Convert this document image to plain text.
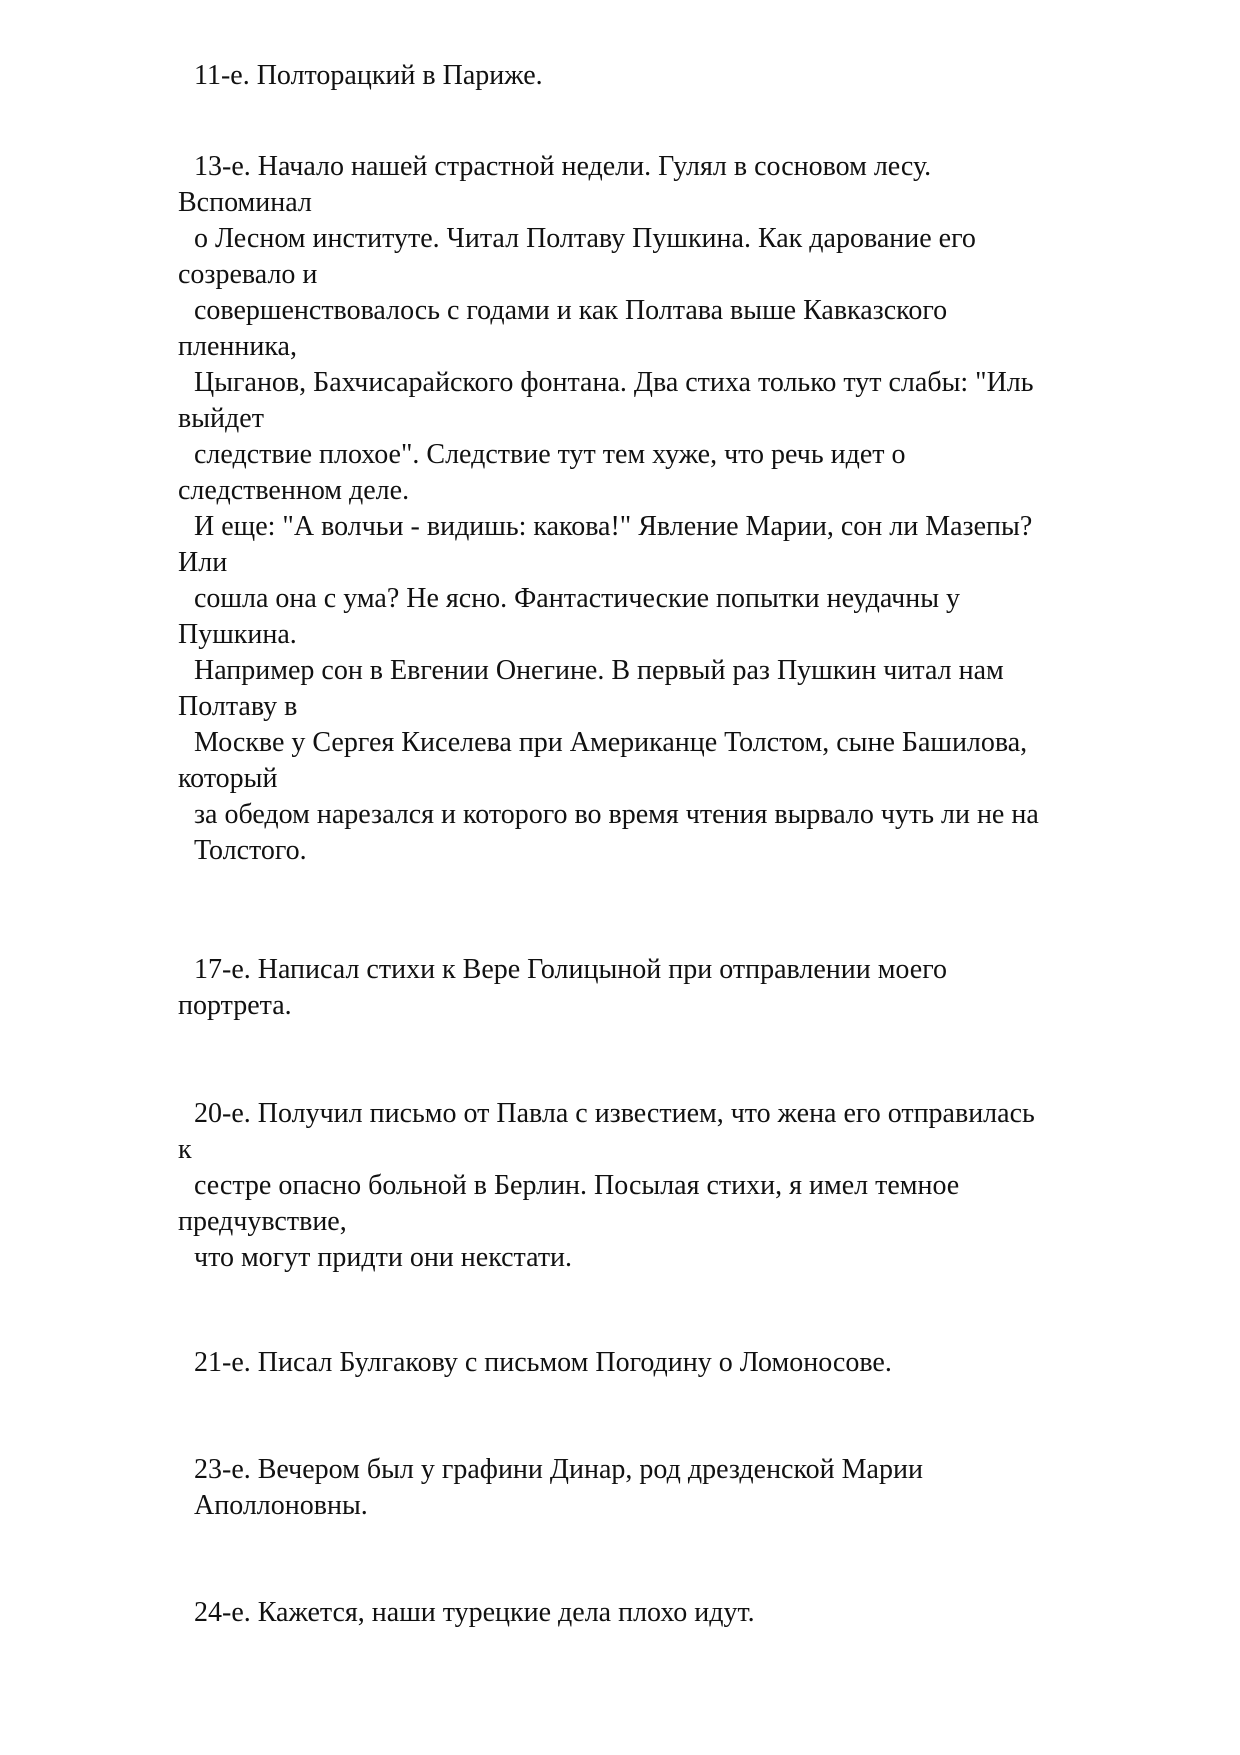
11-е. Полторацкий в Париже.
13-е. Начало нашей страстной недели. Гулял в сосновом лесу.
Вспоминал
о Лесном институте. Читал Полтаву Пушкина. Как дарование его
созревало и
совершенствовалось с годами и как Полтава выше Кавказского
пленника,
Цыганов, Бахчисарайского фонтана. Два стиха только тут слабы: "Иль
выйдет
следствие плохое". Следствие тут тем хуже, что речь идет о
следственном деле.
И еще: "А волчьи - видишь: какова!" Явление Марии, сон ли Мазепы?
Или
сошла она с ума? Не ясно. Фантастические попытки неудачны у
Пушкина.
Например сон в Евгении Онегине. В первый раз Пушкин читал нам
Полтаву в
Москве у Сергея Киселева при Американце Толстом, сыне Башилова,
который
за обедом нарезался и которого во время чтения вырвало чуть ли не на
Толстого.
17-е. Написал стихи к Вере Голицыной при отправлении моего
портрета.
20-е. Получил письмо от Павла с известием, что жена его отправилась
к
сестре опасно больной в Берлин. Посылая стихи, я имел темное
предчувствие,
что могут придти они некстати.
21-е. Писал Булгакову с письмом Погодину о Ломоносове.
23-е. Вечером был у графини Динар, род дрезденской Марии
Аполлоновны.
24-е. Кажется, наши турецкие дела плохо идут.
